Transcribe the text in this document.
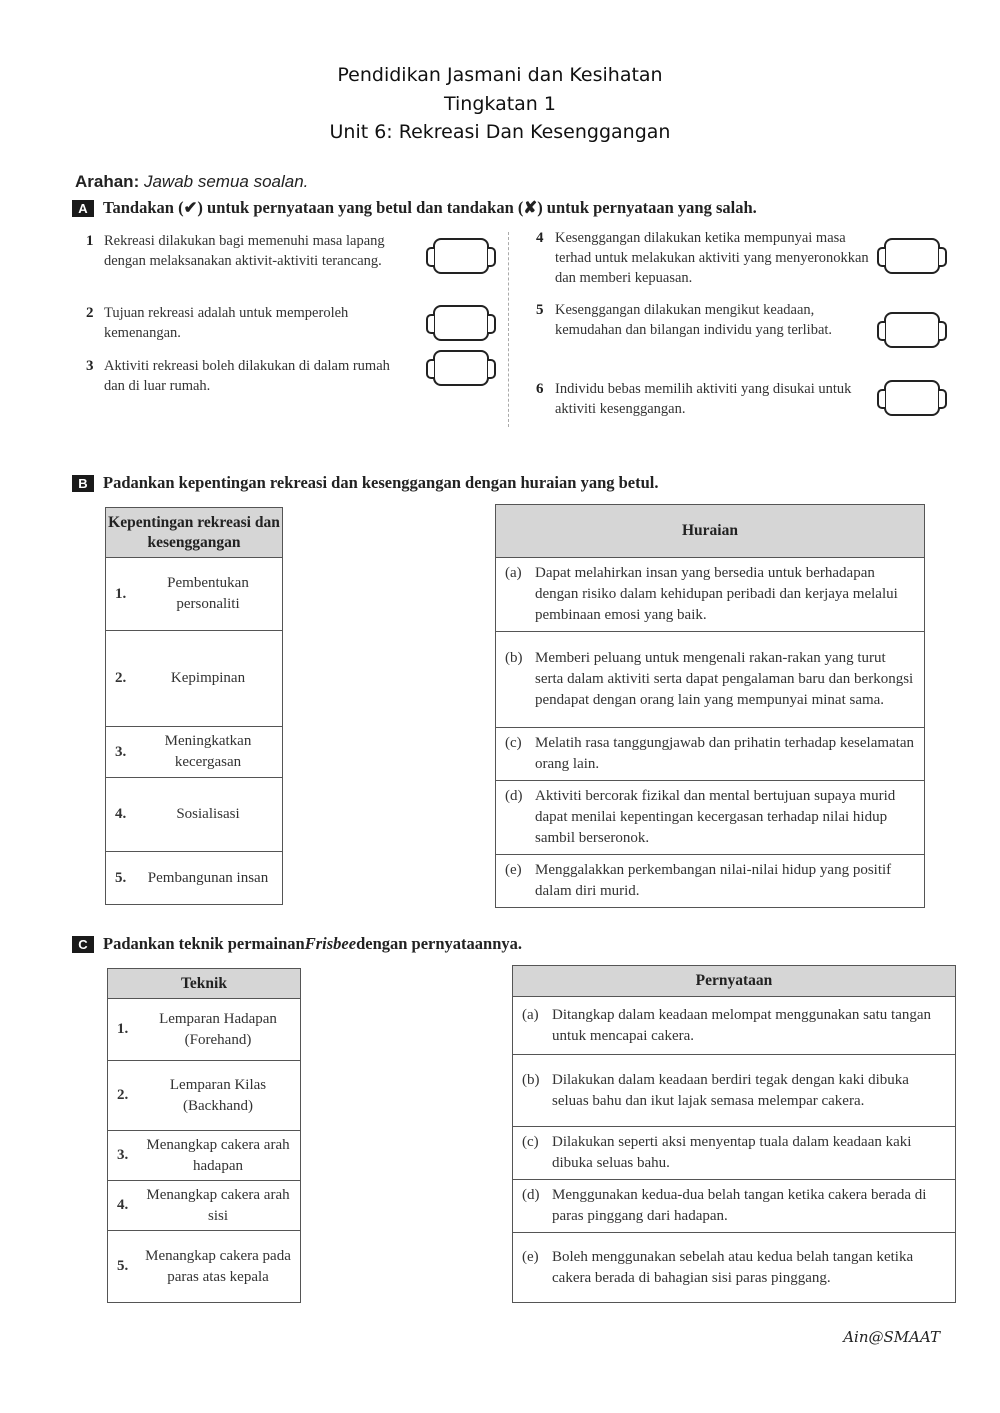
Pendidikan Jasmani dan Kesihatan
Tingkatan 1
Unit 6: Rekreasi Dan Kesenggangan
Arahan: Jawab semua soalan.
A Tandakan (✔) untuk pernyataan yang betul dan tandakan (✘) untuk pernyataan yang salah.
1 Rekreasi dilakukan bagi memenuhi masa lapang dengan melaksanakan aktivit-aktiviti terancang.
2 Tujuan rekreasi adalah untuk memperoleh kemenangan.
3 Aktiviti rekreasi boleh dilakukan di dalam rumah dan di luar rumah.
4 Kesenggangan dilakukan ketika mempunyai masa terhad untuk melakukan aktiviti yang menyeronokkan dan memberi kepuasan.
5 Kesenggangan dilakukan mengikut keadaan, kemudahan dan bilangan individu yang terlibat.
6 Individu bebas memilih aktiviti yang disukai untuk aktiviti kesenggangan.
B Padankan kepentingan rekreasi dan kesenggangan dengan huraian yang betul.
Kepentingan rekreasi dan kesenggangan

1.
Pembentukan personaliti

2.	Kepimpinan

3.
Meningkatkan kecergasan

4.	Sosialisasi

5.	Pembangunan insan
Huraian

(a) Dapat melahirkan insan yang bersedia untuk berhadapan dengan risiko dalam kehidupan peribadi dan kerjaya melalui pembinaan emosi yang baik.

(b) Memberi peluang untuk mengenali rakan-rakan yang turut serta dalam aktiviti serta dapat pengalaman baru dan berkongsi pendapat dengan orang lain yang mempunyai minat sama.

(c) Melatih rasa tanggungjawab dan prihatin terhadap keselamatan orang lain.

(d) Aktiviti bercorak fizikal dan mental bertujuan supaya murid dapat menilai kepentingan kecergasan terhadap nilai hidup sambil berseronok.

(e) Menggalakkan perkembangan nilai-nilai hidup yang positif dalam diri murid.
C Padankan teknik permainan Frisbee dengan pernyataannya.
Teknik

1.
Lemparan Hadapan (Forehand)

2.
Lemparan Kilas (Backhand)

3.
Menangkap cakera arah hadapan

4.
Menangkap cakera arah sisi

5.
Menangkap cakera pada paras atas kepala
Pernyataan

(a) Ditangkap dalam keadaan melompat menggunakan satu tangan untuk mencapai cakera.

(b) Dilakukan dalam keadaan berdiri tegak dengan kaki dibuka seluas bahu dan ikut lajak semasa melempar cakera.

(c) Dilakukan seperti aksi menyentap tuala dalam keadaan kaki dibuka seluas bahu.

(d) Menggunakan kedua-dua belah tangan ketika cakera berada di paras pinggang dari hadapan.

(e) Boleh menggunakan sebelah atau kedua belah tangan ketika cakera berada di bahagian sisi paras pinggang.
Ain@SMAAT
